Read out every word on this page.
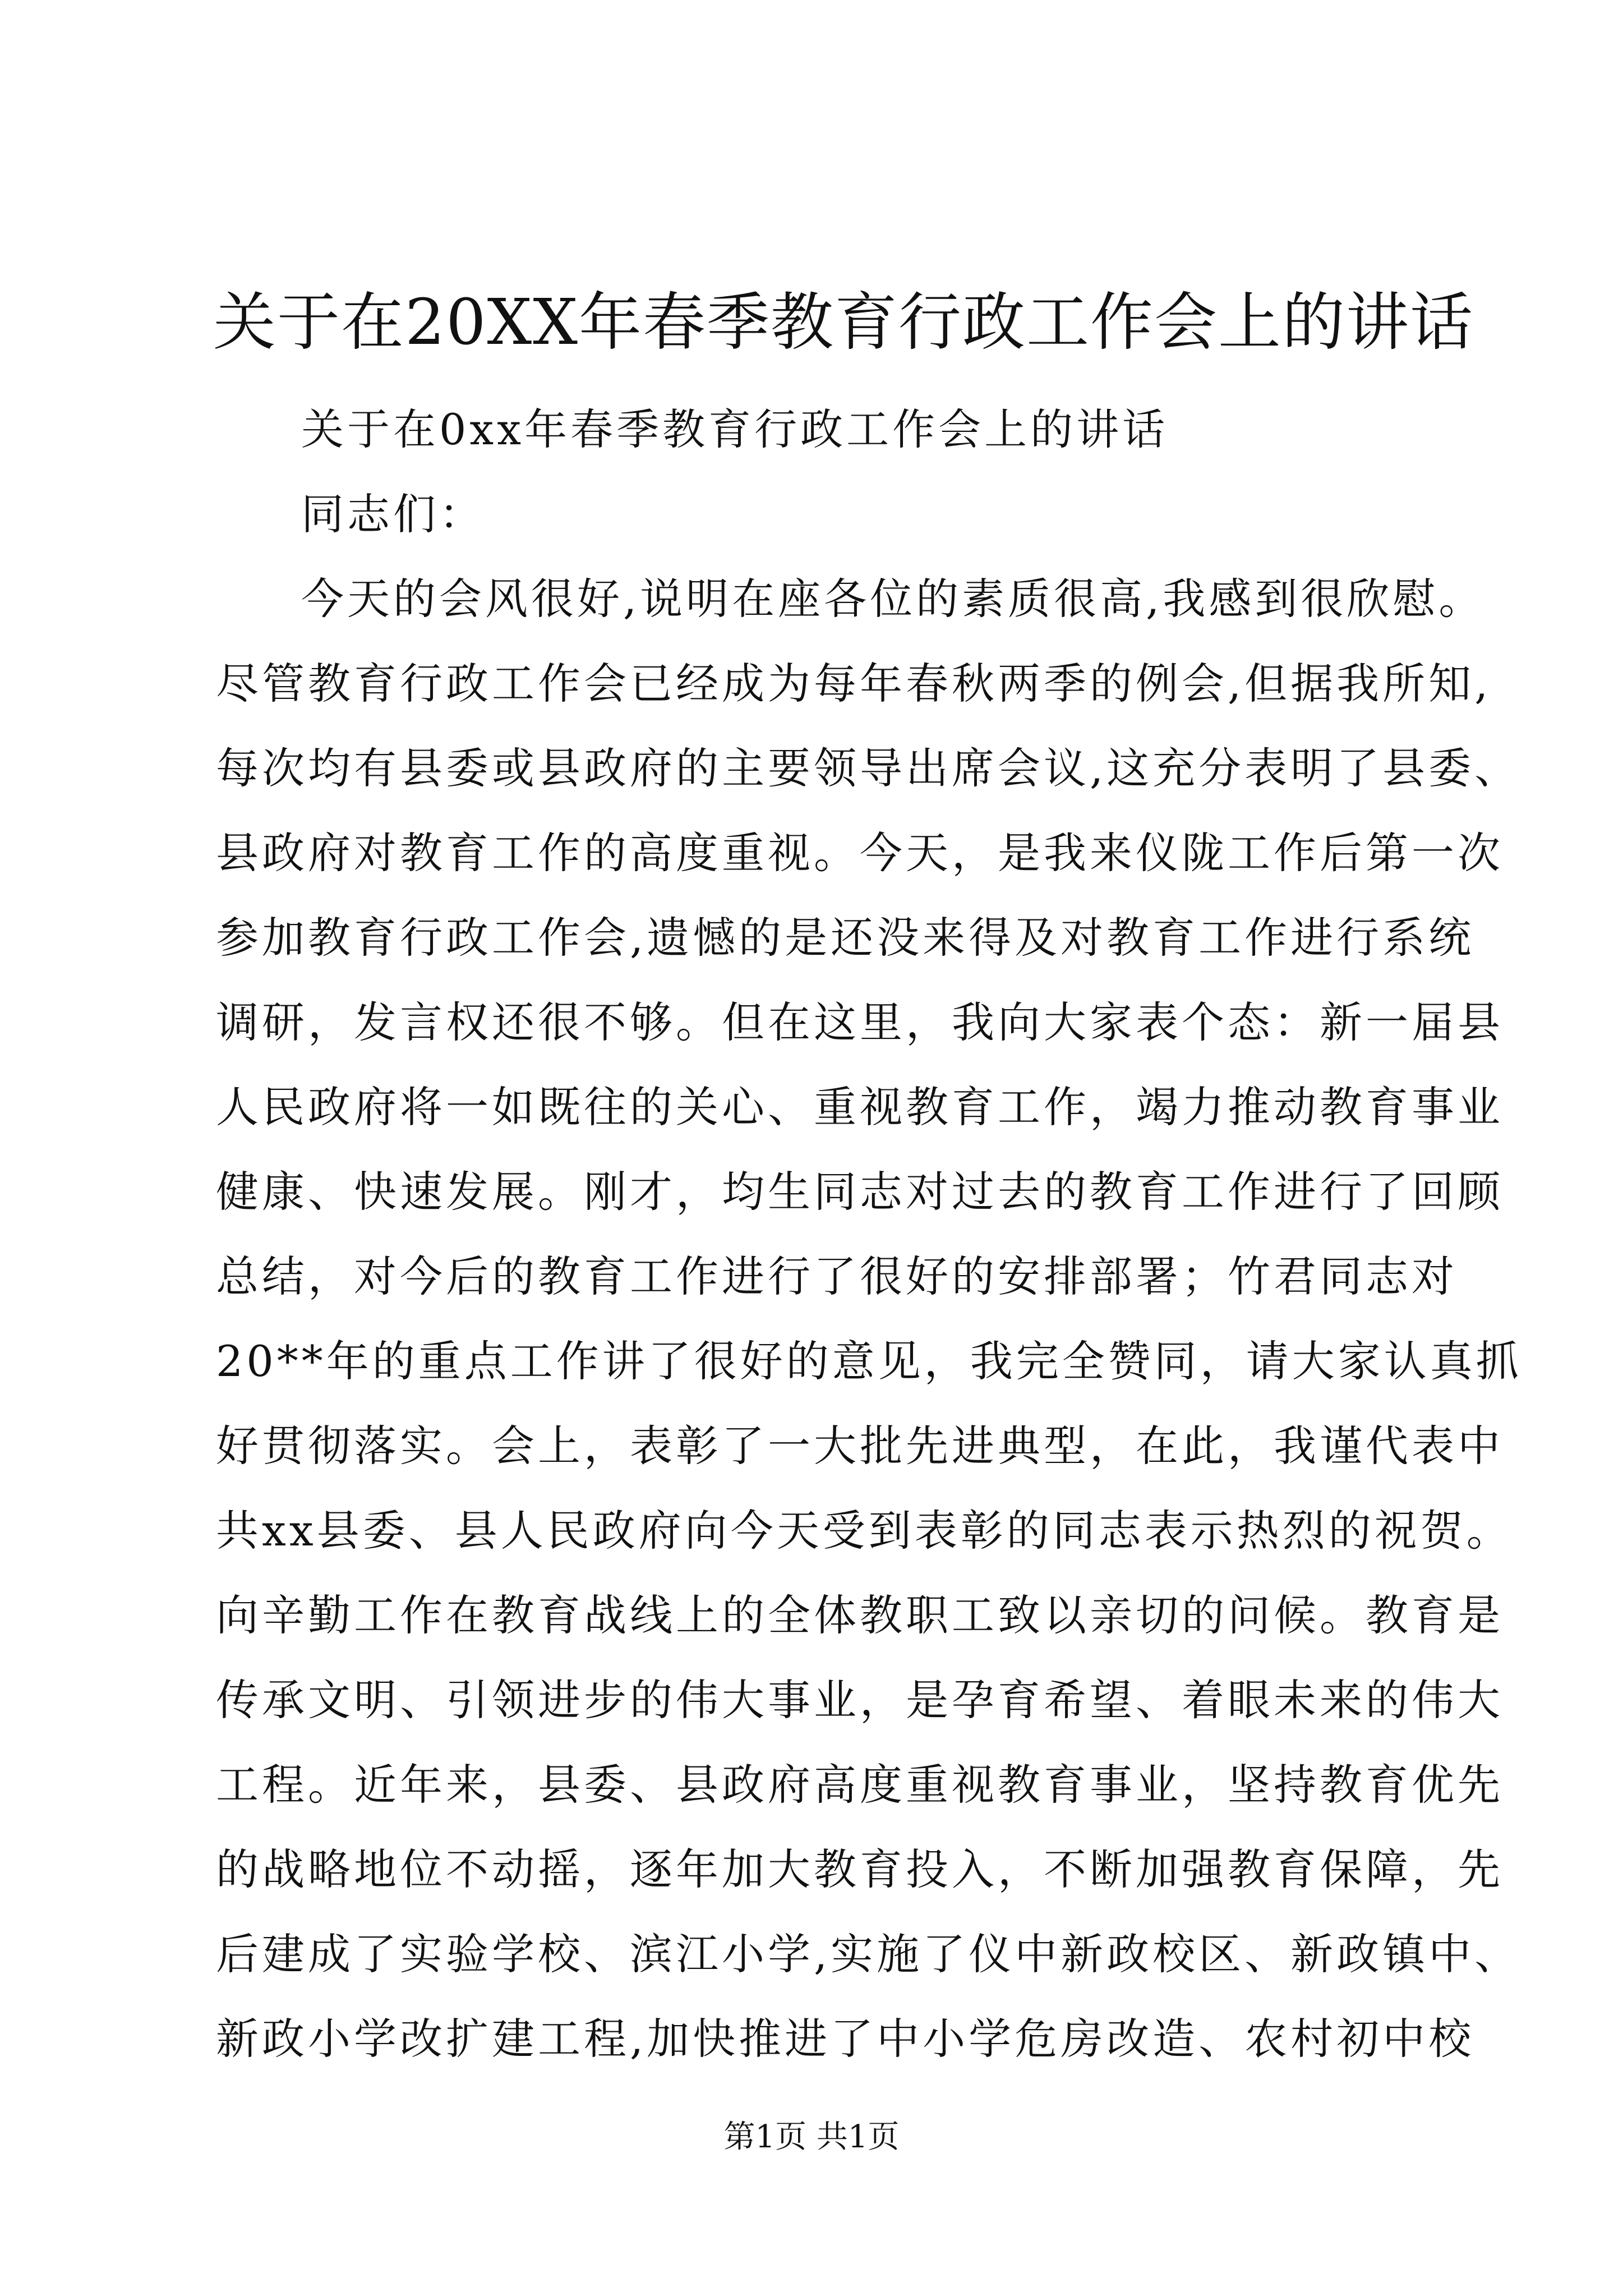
关于在20XX年春季教育行政工作会上的讲话
关于在0xx年春季教育行政工作会上的讲话
同志们：
今天的会风很好,说明在座各位的素质很高,我感到很欣慰。
尽管教育行政工作会已经成为每年春秋两季的例会,但据我所知,
每次均有县委或县政府的主要领导出席会议,这充分表明了县委、
县政府对教育工作的高度重视。今天，是我来仪陇工作后第一次
参加教育行政工作会,遗憾的是还没来得及对教育工作进行系统
调研，发言权还很不够。但在这里，我向大家表个态：新一届县
人民政府将一如既往的关心、重视教育工作，竭力推动教育事业
健康、快速发展。刚才，均生同志对过去的教育工作进行了回顾
总结，对今后的教育工作进行了很好的安排部署；竹君同志对
20**年的重点工作讲了很好的意见，我完全赞同，请大家认真抓
好贯彻落实。会上，表彰了一大批先进典型，在此，我谨代表中
共xx县委、县人民政府向今天受到表彰的同志表示热烈的祝贺。
向辛勤工作在教育战线上的全体教职工致以亲切的问候。教育是
传承文明、引领进步的伟大事业，是孕育希望、着眼未来的伟大
工程。近年来，县委、县政府高度重视教育事业，坚持教育优先
的战略地位不动摇，逐年加大教育投入，不断加强教育保障，先
后建成了实验学校、滨江小学,实施了仪中新政校区、新政镇中、
新政小学改扩建工程,加快推进了中小学危房改造、农村初中校
第1页 共1页
